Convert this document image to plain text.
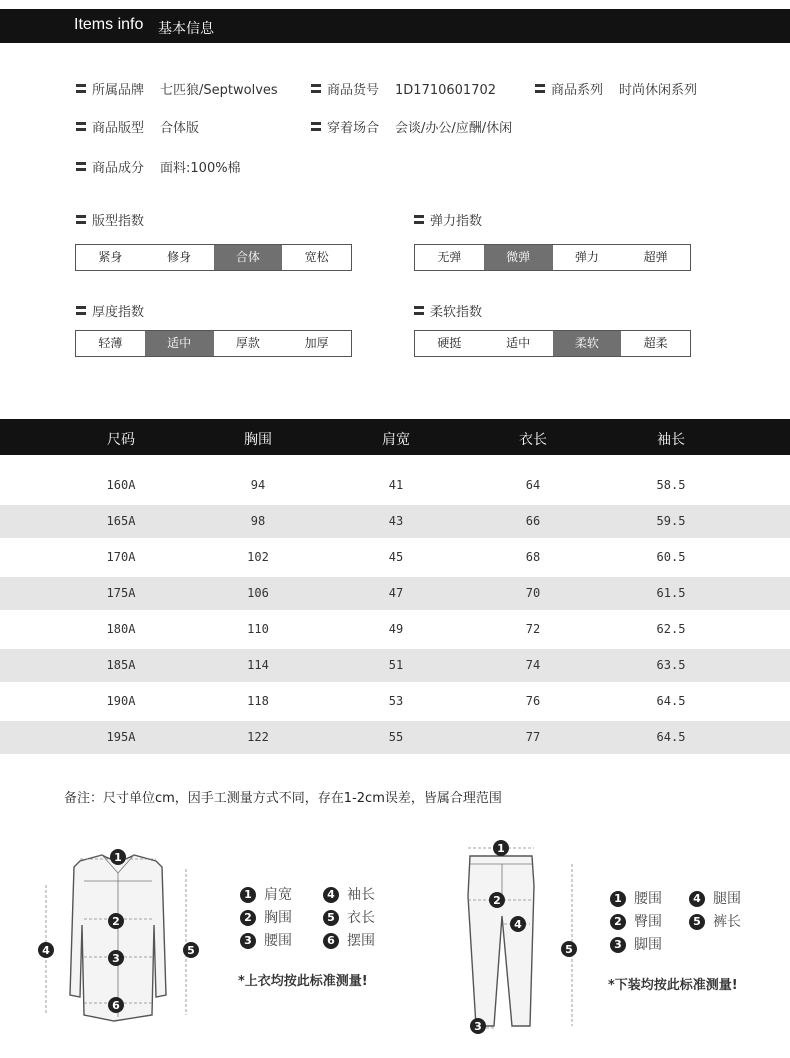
Items info 基本信息
所属品牌 七匹狼/Septwolves	商品货号 1D1710601702	商品系列 时尚休闲系列
商品版型 合体版	穿着场合 会谈/办公/应酬/休闲
商品成分 面料:100%棉
版型指数
紧身	修身	合体	宽松
弹力指数
无弹	微弹	弹力	超弹
厚度指数
轻薄	适中	厚款	加厚
柔软指数
硬挺	适中	柔软	超柔
尺码	胸围	肩宽	衣长	袖长
160A	94	41	64	58.5
165A	98	43	66	59.5
170A	102	45	68	60.5
175A	106	47	70	61.5
180A	110	49	72	62.5
185A	114	51	74	63.5
190A	118	53	76	64.5
195A	122	55	77	64.5
备注：尺寸单位cm，因手工测量方式不同，存在1-2cm误差，皆属合理范围
1
2
3
4	5
6
1 肩宽
2 胸围
3 腰围
4 袖长
5 衣长
6 摆围
*上衣均按此标准测量!
1
2
3
4
5
1 腰围
2 臀围
3 脚围
4 腿围
5 裤长
*下装均按此标准测量!
